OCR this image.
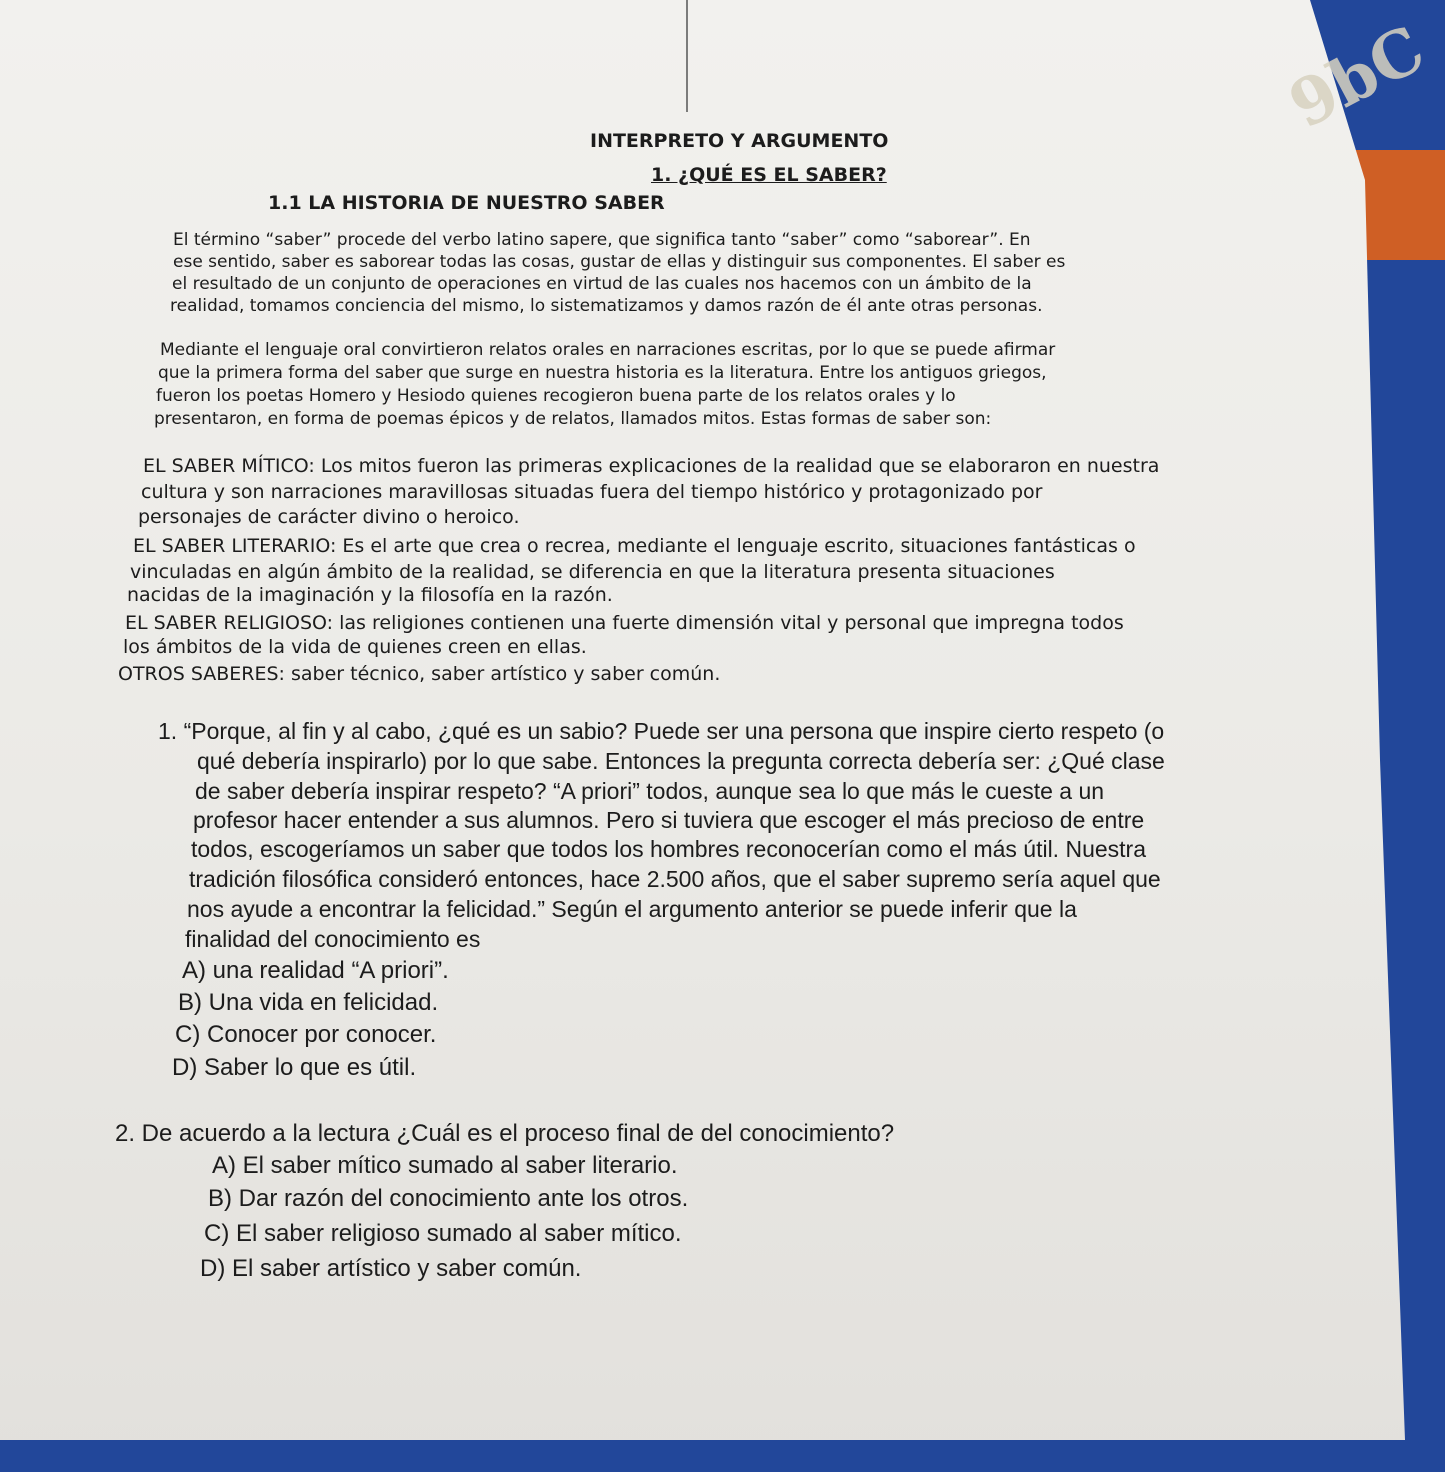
9bC

INTERPRETO Y ARGUMENTO

1. ¿QUÉ ES EL SABER?

1.1 LA HISTORIA DE NUESTRO SABER

El término “saber” procede del verbo latino sapere, que significa tanto “saber” como “saborear”. En

ese sentido, saber es saborear todas las cosas, gustar de ellas y distinguir sus componentes. El saber es

el resultado de un conjunto de operaciones en virtud de las cuales nos hacemos con un ámbito de la

realidad, tomamos conciencia del mismo, lo sistematizamos y damos razón de él ante otras personas.

Mediante el lenguaje oral convirtieron relatos orales en narraciones escritas, por lo que se puede afirmar

que la primera forma del saber que surge en nuestra historia es la literatura. Entre los antiguos griegos,

fueron los poetas Homero y Hesiodo quienes recogieron buena parte de los relatos orales y lo

presentaron, en forma de poemas épicos y de relatos, llamados mitos. Estas formas de saber son:

EL SABER MÍTICO: Los mitos fueron las primeras explicaciones de la realidad que se elaboraron en nuestra

cultura y son narraciones maravillosas situadas fuera del tiempo histórico y protagonizado por

personajes de carácter divino o heroico.

EL SABER LITERARIO: Es el arte que crea o recrea, mediante el lenguaje escrito, situaciones fantásticas o

vinculadas en algún ámbito de la realidad, se diferencia en que la literatura presenta situaciones

nacidas de la imaginación y la filosofía en la razón.

EL SABER RELIGIOSO: las religiones contienen una fuerte dimensión vital y personal que impregna todos

los ámbitos de la vida de quienes creen en ellas.

OTROS SABERES: saber técnico, saber artístico y saber común.

1. “Porque, al fin y al cabo, ¿qué es un sabio? Puede ser una persona que inspire cierto respeto (o

qué debería inspirarlo) por lo que sabe. Entonces la pregunta correcta debería ser: ¿Qué clase

de saber debería inspirar respeto? “A priori” todos, aunque sea lo que más le cueste a un

profesor hacer entender a sus alumnos. Pero si tuviera que escoger el más precioso de entre

todos, escogeríamos un saber que todos los hombres reconocerían como el más útil. Nuestra

tradición filosófica consideró entonces, hace 2.500 años, que el saber supremo sería aquel que

nos ayude a encontrar la felicidad.” Según el argumento anterior se puede inferir que la

finalidad del conocimiento es

A) una realidad “A priori”.

B) Una vida en felicidad.

C) Conocer por conocer.

D) Saber lo que es útil.

2. De acuerdo a la lectura ¿Cuál es el proceso final de del conocimiento?

A) El saber mítico sumado al saber literario.

B) Dar razón del conocimiento ante los otros.

C) El saber religioso sumado al saber mítico.

D) El saber artístico y saber común.
